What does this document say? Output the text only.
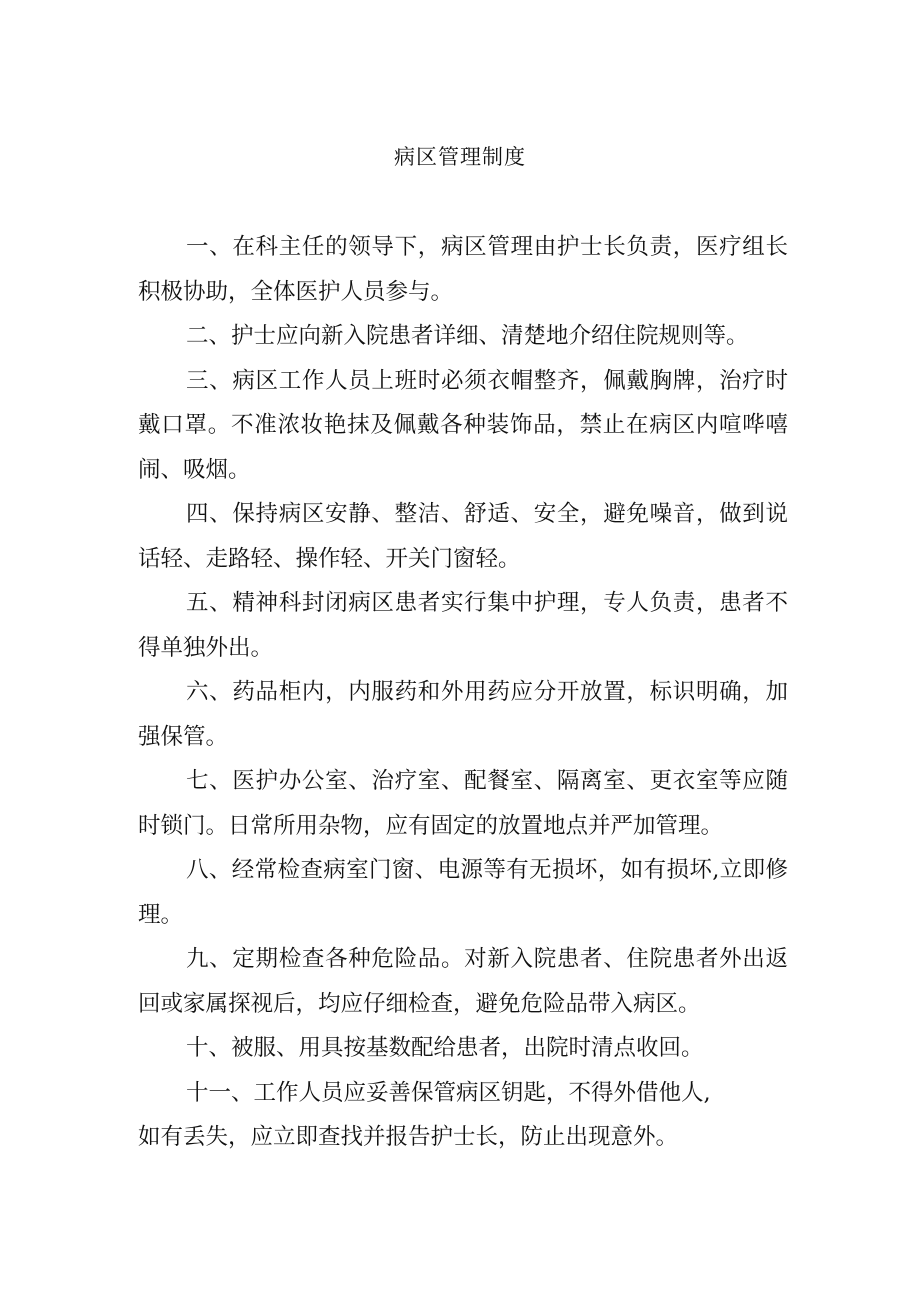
病区管理制度

一、在科主任的领导下，病区管理由护士长负责，医疗组长积极协助，全体医护人员参与。

二、护士应向新入院患者详细、清楚地介绍住院规则等。

三、病区工作人员上班时必须衣帽整齐，佩戴胸牌，治疗时戴口罩。不准浓妆艳抹及佩戴各种装饰品，禁止在病区内喧哗嘻闹、吸烟。

四、保持病区安静、整洁、舒适、安全，避免噪音，做到说话轻、走路轻、操作轻、开关门窗轻。

五、精神科封闭病区患者实行集中护理，专人负责，患者不得单独外出。

六、药品柜内，内服药和外用药应分开放置，标识明确，加强保管。

七、医护办公室、治疗室、配餐室、隔离室、更衣室等应随时锁门。日常所用杂物，应有固定的放置地点并严加管理。

八、经常检查病室门窗、电源等有无损坏，如有损坏,立即修理。

九、定期检查各种危险品。对新入院患者、住院患者外出返回或家属探视后，均应仔细检查，避免危险品带入病区。

十、被服、用具按基数配给患者，出院时清点收回。

十一、工作人员应妥善保管病区钥匙，不得外借他人,
如有丢失，应立即查找并报告护士长，防止出现意外。
